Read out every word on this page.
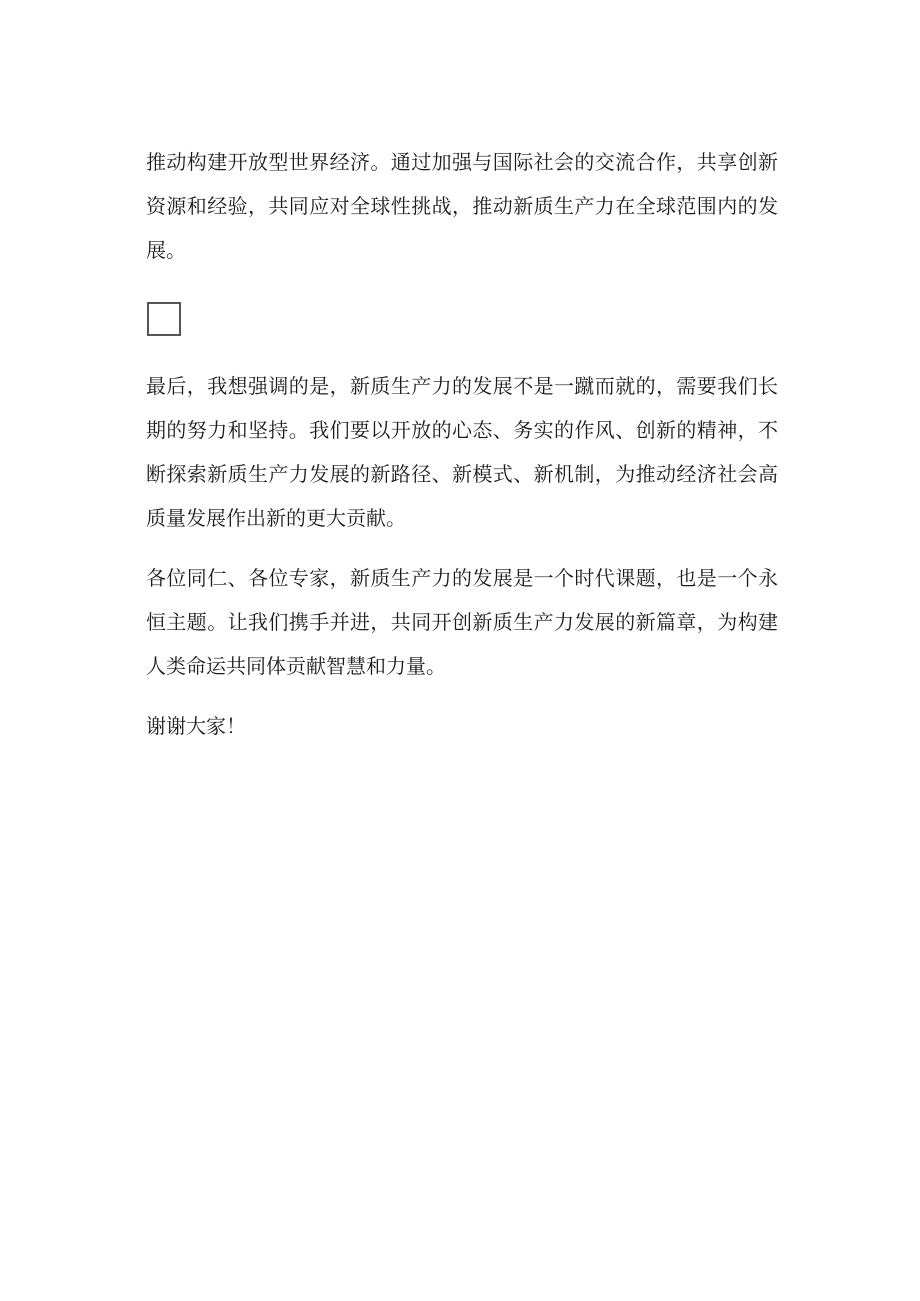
推动构建开放型世界经济。通过加强与国际社会的交流合作，共享创新资源和经验，共同应对全球性挑战，推动新质生产力在全球范围内的发展。

最后，我想强调的是，新质生产力的发展不是一蹴而就的，需要我们长期的努力和坚持。我们要以开放的心态、务实的作风、创新的精神，不断探索新质生产力发展的新路径、新模式、新机制，为推动经济社会高质量发展作出新的更大贡献。

各位同仁、各位专家，新质生产力的发展是一个时代课题，也是一个永恒主题。让我们携手并进，共同开创新质生产力发展的新篇章，为构建人类命运共同体贡献智慧和力量。

谢谢大家！
